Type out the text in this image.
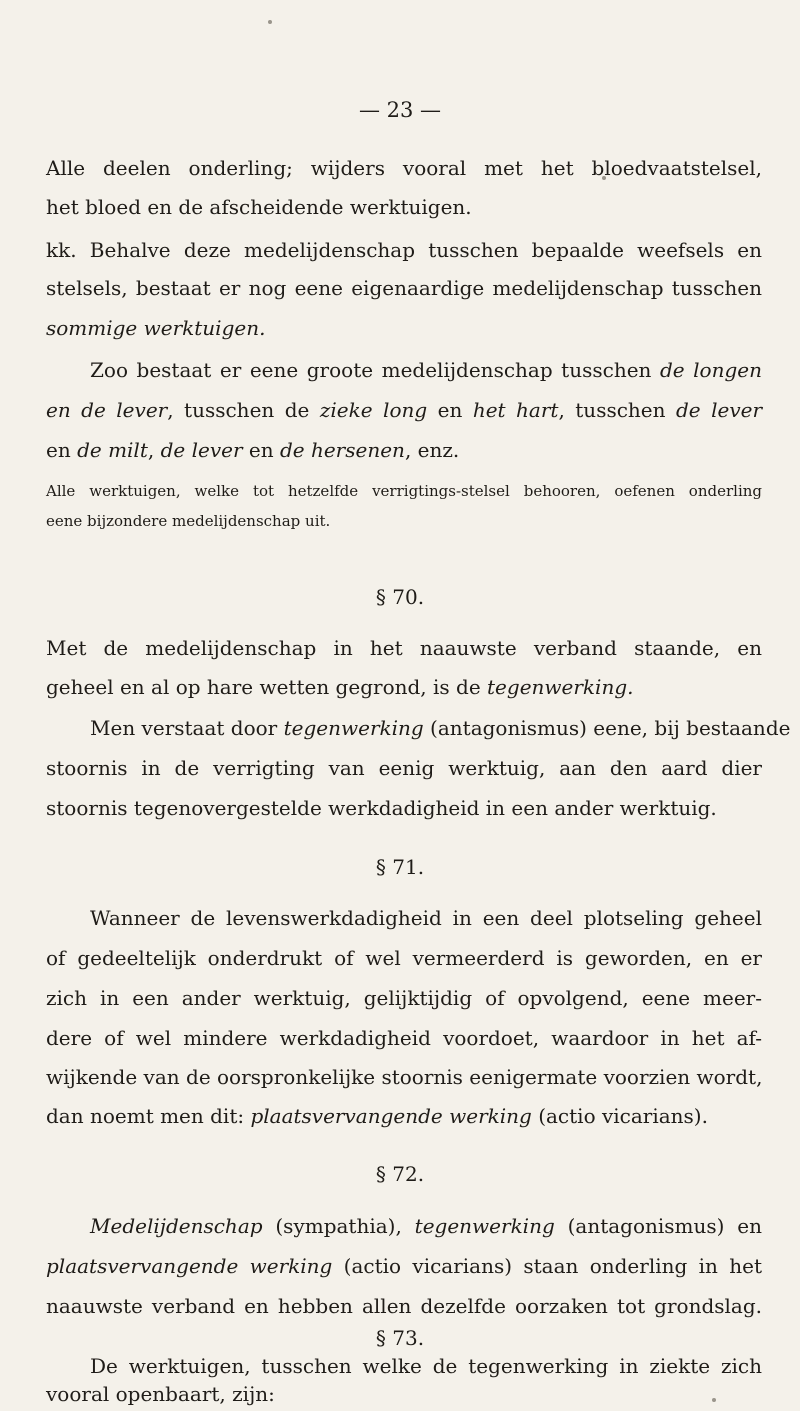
— 23 —
Alle deelen onderling; wijders vooral met het bloedvaatstelsel,
het bloed en de afscheidende werktuigen.
kk. Behalve deze medelijdenschap tusschen bepaalde weefsels en
stelsels, bestaat er nog eene eigenaardige medelijdenschap tusschen
sommige werktuigen.
Zoo bestaat er eene groote medelijdenschap tusschen de longen
en de lever, tusschen de zieke long en het hart, tusschen de lever
en de milt, de lever en de hersenen, enz.
Alle werktuigen, welke tot hetzelfde verrigtings-stelsel behooren, oefenen onderling
eene bijzondere medelijdenschap uit.
§ 70.
Met de medelijdenschap in het naauwste verband staande, en
geheel en al op hare wetten gegrond, is de tegenwerking.
Men verstaat door tegenwerking (antagonismus) eene, bij bestaande
stoornis in de verrigting van eenig werktuig, aan den aard dier
stoornis tegenovergestelde werkdadigheid in een ander werktuig.
§ 71.
Wanneer de levenswerkdadigheid in een deel plotseling geheel
of gedeeltelijk onderdrukt of wel vermeerderd is geworden, en er
zich in een ander werktuig, gelijktijdig of opvolgend, eene meer-
dere of wel mindere werkdadigheid voordoet, waardoor in het af-
wijkende van de oorspronkelijke stoornis eenigermate voorzien wordt,
dan noemt men dit: plaatsvervangende werking (actio vicarians).
§ 72.
Medelijdenschap (sympathia), tegenwerking (antagonismus) en
plaatsvervangende werking (actio vicarians) staan onderling in het
naauwste verband en hebben allen dezelfde oorzaken tot grondslag.
§ 73.
De werktuigen, tusschen welke de tegenwerking in ziekte zich
vooral openbaart, zijn:
